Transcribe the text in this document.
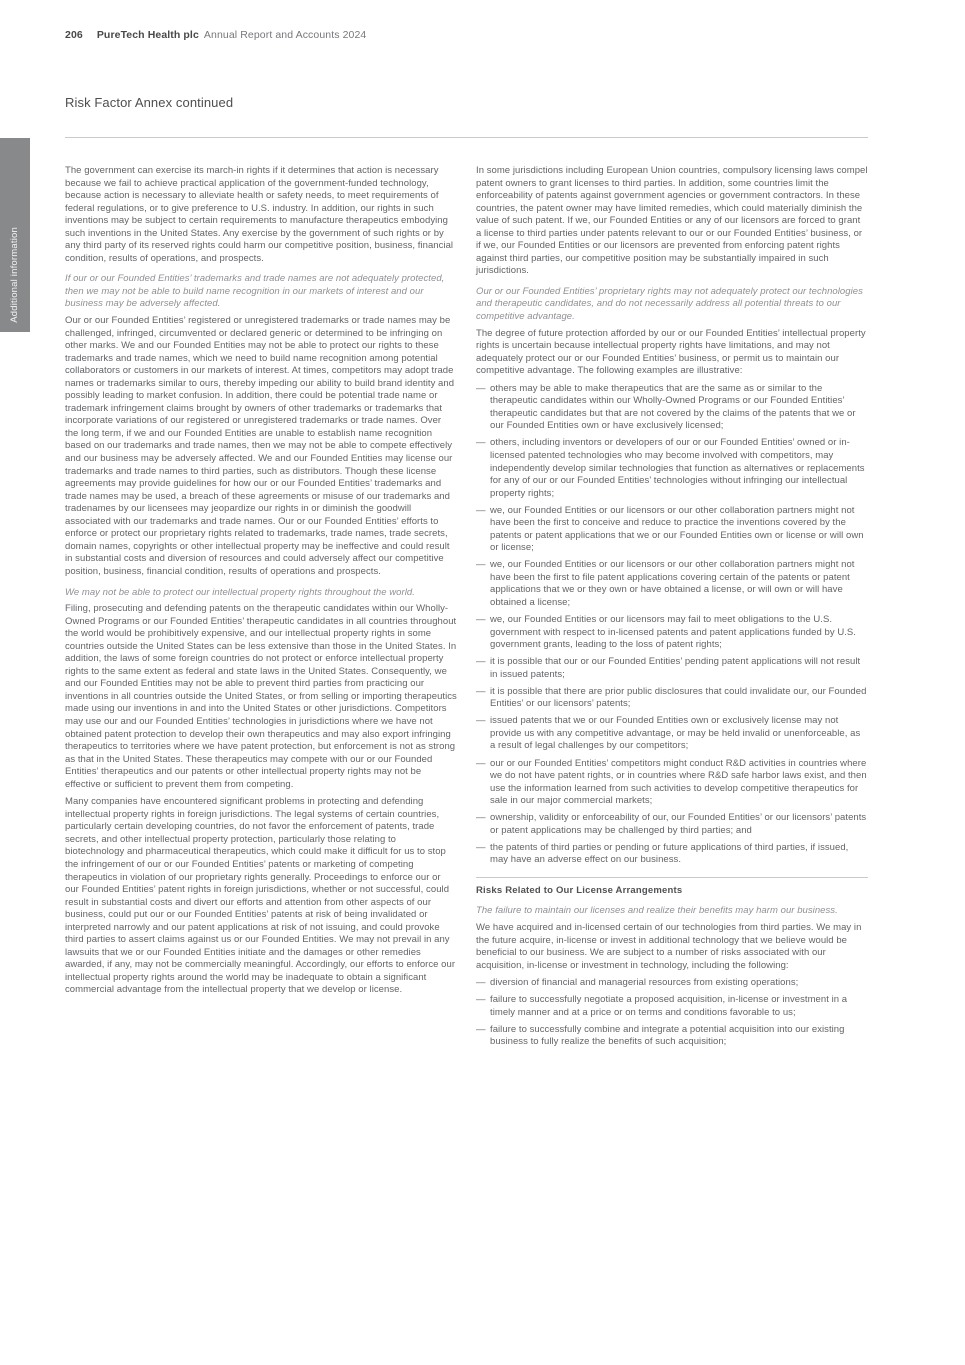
206 PureTech Health plc Annual Report and Accounts 2024
Risk Factor Annex continued
Additional information

The government can exercise its march-in rights if it determines that action is necessary because we fail to achieve practical application of the government-funded technology, because action is necessary to alleviate health or safety needs, to meet requirements of federal regulations, or to give preference to U.S. industry. In addition, our rights in such inventions may be subject to certain requirements to manufacture therapeutics embodying such inventions in the United States. Any exercise by the government of such rights or by any third party of its reserved rights could harm our competitive position, business, financial condition, results of operations, and prospects.

If our or our Founded Entities’ trademarks and trade names are not adequately protected, then we may not be able to build name recognition in our markets of interest and our business may be adversely affected.

Our or our Founded Entities’ registered or unregistered trademarks or trade names may be challenged, infringed, circumvented or declared generic or determined to be infringing on other marks. We and our Founded Entities may not be able to protect our rights to these trademarks and trade names, which we need to build name recognition among potential collaborators or customers in our markets of interest. At times, competitors may adopt trade names or trademarks similar to ours, thereby impeding our ability to build brand identity and possibly leading to market confusion. In addition, there could be potential trade name or trademark infringement claims brought by owners of other trademarks or trademarks that incorporate variations of our registered or unregistered trademarks or trade names. Over the long term, if we and our Founded Entities are unable to establish name recognition based on our trademarks and trade names, then we may not be able to compete effectively and our business may be adversely affected. We and our Founded Entities may license our trademarks and trade names to third parties, such as distributors. Though these license agreements may provide guidelines for how our or our Founded Entities’ trademarks and trade names may be used, a breach of these agreements or misuse of our trademarks and tradenames by our licensees may jeopardize our rights in or diminish the goodwill associated with our trademarks and trade names. Our or our Founded Entities’ efforts to enforce or protect our proprietary rights related to trademarks, trade names, trade secrets, domain names, copyrights or other intellectual property may be ineffective and could result in substantial costs and diversion of resources and could adversely affect our competitive position, business, financial condition, results of operations and prospects.

We may not be able to protect our intellectual property rights throughout the world.

Filing, prosecuting and defending patents on the therapeutic candidates within our Wholly-Owned Programs or our Founded Entities’ therapeutic candidates in all countries throughout the world would be prohibitively expensive, and our intellectual property rights in some countries outside the United States can be less extensive than those in the United States. In addition, the laws of some foreign countries do not protect or enforce intellectual property rights to the same extent as federal and state laws in the United States. Consequently, we and our Founded Entities may not be able to prevent third parties from practicing our inventions in all countries outside the United States, or from selling or importing therapeutics made using our inventions in and into the United States or other jurisdictions. Competitors may use our and our Founded Entities’ technologies in jurisdictions where we have not obtained patent protection to develop their own therapeutics and may also export infringing therapeutics to territories where we have patent protection, but enforcement is not as strong as that in the United States. These therapeutics may compete with our or our Founded Entities’ therapeutics and our patents or other intellectual property rights may not be effective or sufficient to prevent them from competing.

Many companies have encountered significant problems in protecting and defending intellectual property rights in foreign jurisdictions. The legal systems of certain countries, particularly certain developing countries, do not favor the enforcement of patents, trade secrets, and other intellectual property protection, particularly those relating to biotechnology and pharmaceutical therapeutics, which could make it difficult for us to stop the infringement of our or our Founded Entities’ patents or marketing of competing therapeutics in violation of our proprietary rights generally. Proceedings to enforce our or our Founded Entities’ patent rights in foreign jurisdictions, whether or not successful, could result in substantial costs and divert our efforts and attention from other aspects of our business, could put our or our Founded Entities’ patents at risk of being invalidated or interpreted narrowly and our patent applications at risk of not issuing, and could provoke third parties to assert claims against us or our Founded Entities. We may not prevail in any lawsuits that we or our Founded Entities initiate and the damages or other remedies awarded, if any, may not be commercially meaningful. Accordingly, our efforts to enforce our intellectual property rights around the world may be inadequate to obtain a significant commercial advantage from the intellectual property that we develop or license.

In some jurisdictions including European Union countries, compulsory licensing laws compel patent owners to grant licenses to third parties. In addition, some countries limit the enforceability of patents against government agencies or government contractors. In these countries, the patent owner may have limited remedies, which could materially diminish the value of such patent. If we, our Founded Entities or any of our licensors are forced to grant a license to third parties under patents relevant to our or our Founded Entities’ business, or if we, our Founded Entities or our licensors are prevented from enforcing patent rights against third parties, our competitive position may be substantially impaired in such jurisdictions.

Our or our Founded Entities’ proprietary rights may not adequately protect our technologies and therapeutic candidates, and do not necessarily address all potential threats to our competitive advantage.

The degree of future protection afforded by our or our Founded Entities’ intellectual property rights is uncertain because intellectual property rights have limitations, and may not adequately protect our or our Founded Entities’ business, or permit us to maintain our competitive advantage. The following examples are illustrative:

— others may be able to make therapeutics that are the same as or similar to the therapeutic candidates within our Wholly-Owned Programs or our Founded Entities’ therapeutic candidates but that are not covered by the claims of the patents that we or our Founded Entities own or have exclusively licensed;
— others, including inventors or developers of our or our Founded Entities’ owned or in-licensed patented technologies who may become involved with competitors, may independently develop similar technologies that function as alternatives or replacements for any of our or our Founded Entities’ technologies without infringing our intellectual property rights;
— we, our Founded Entities or our licensors or our other collaboration partners might not have been the first to conceive and reduce to practice the inventions covered by the patents or patent applications that we or our Founded Entities own or license or will own or license;
— we, our Founded Entities or our licensors or our other collaboration partners might not have been the first to file patent applications covering certain of the patents or patent applications that we or they own or have obtained a license, or will own or will have obtained a license;
— we, our Founded Entities or our licensors may fail to meet obligations to the U.S. government with respect to in-licensed patents and patent applications funded by U.S. government grants, leading to the loss of patent rights;
— it is possible that our or our Founded Entities’ pending patent applications will not result in issued patents;
— it is possible that there are prior public disclosures that could invalidate our, our Founded Entities’ or our licensors’ patents;
— issued patents that we or our Founded Entities own or exclusively license may not provide us with any competitive advantage, or may be held invalid or unenforceable, as a result of legal challenges by our competitors;
— our or our Founded Entities’ competitors might conduct R&D activities in countries where we do not have patent rights, or in countries where R&D safe harbor laws exist, and then use the information learned from such activities to develop competitive therapeutics for sale in our major commercial markets;
— ownership, validity or enforceability of our, our Founded Entities’ or our licensors’ patents or patent applications may be challenged by third parties; and
— the patents of third parties or pending or future applications of third parties, if issued, may have an adverse effect on our business.

Risks Related to Our License Arrangements

The failure to maintain our licenses and realize their benefits may harm our business.

We have acquired and in-licensed certain of our technologies from third parties. We may in the future acquire, in-license or invest in additional technology that we believe would be beneficial to our business. We are subject to a number of risks associated with our acquisition, in-license or investment in technology, including the following:

— diversion of financial and managerial resources from existing operations;
— failure to successfully negotiate a proposed acquisition, in-license or investment in a timely manner and at a price or on terms and conditions favorable to us;
— failure to successfully combine and integrate a potential acquisition into our existing business to fully realize the benefits of such acquisition;
